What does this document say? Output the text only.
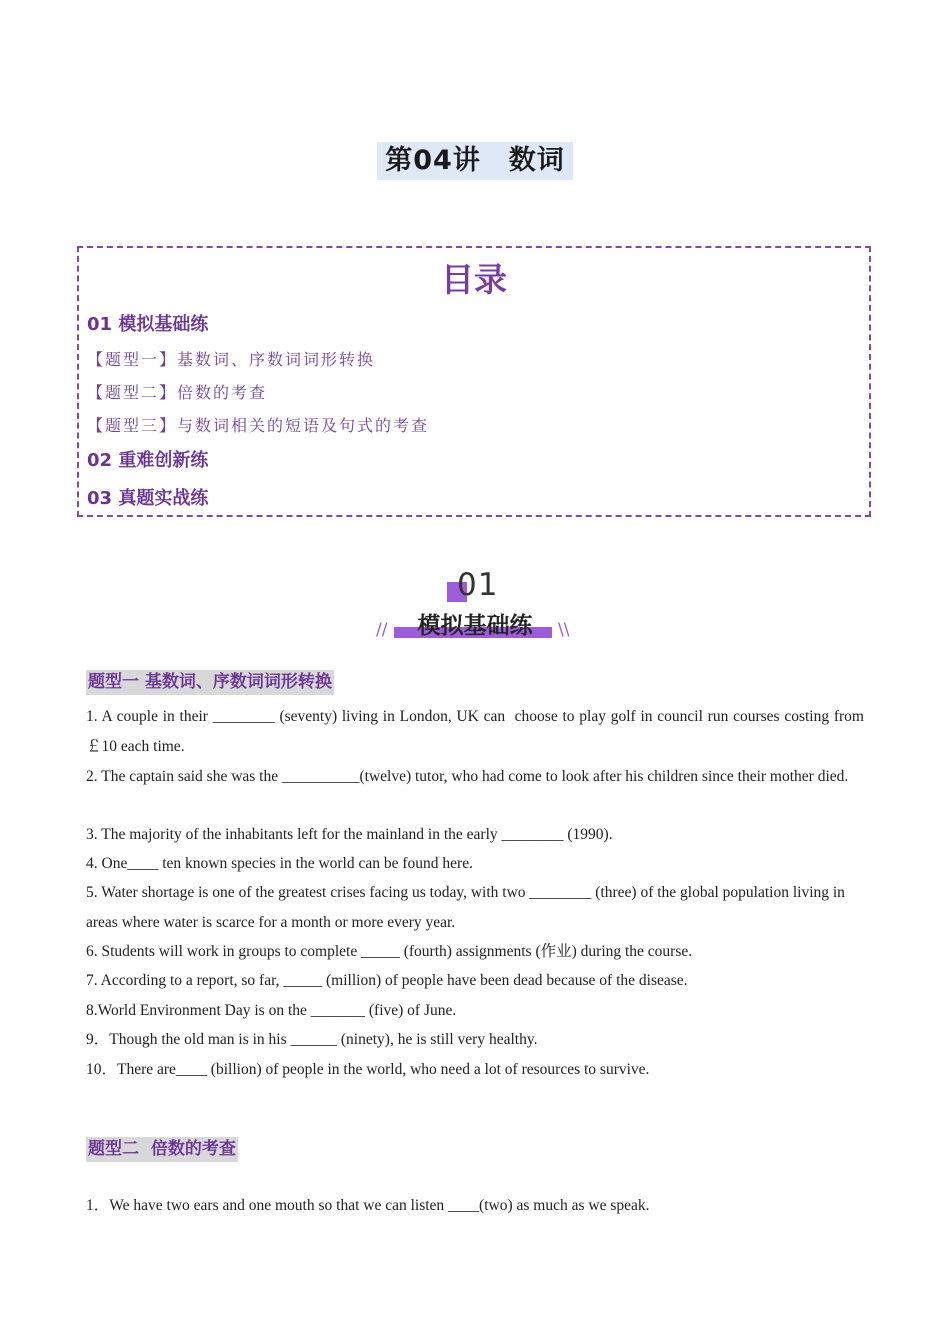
第04讲　数词
目录
01 模拟基础练
【题型一】基数词、序数词词形转换
【题型二】倍数的考查
【题型三】与数词相关的短语及句式的考查
02 重难创新练
03 真题实战练
01
//	模拟基础练	\\
题型一 基数词、序数词词形转换
1. A couple in their ________ (seventy) living in London, UK can  choose to play golf in council run courses costing from ￡10 each time.
2. The captain said she was the __________(twelve) tutor, who had come to look after his children since their mother died.
3. The majority of the inhabitants left for the mainland in the early ________ (1990).
4. One____ ten known species in the world can be found here.
5. Water shortage is one of the greatest crises facing us today, with two ________ (three) of the global population living in areas where water is scarce for a month or more every year.
6. Students will work in groups to complete _____ (fourth) assignments (作业) during the course.
7. According to a report, so far, _____ (million) of people have been dead because of the disease.
8.World Environment Day is on the _______ (five) of June.
9．Though the old man is in his ______ (ninety), he is still very healthy.
10．There are____ (billion) of people in the world, who need a lot of resources to survive.
题型二  倍数的考查
1．We have two ears and one mouth so that we can listen ____(two) as much as we speak.
